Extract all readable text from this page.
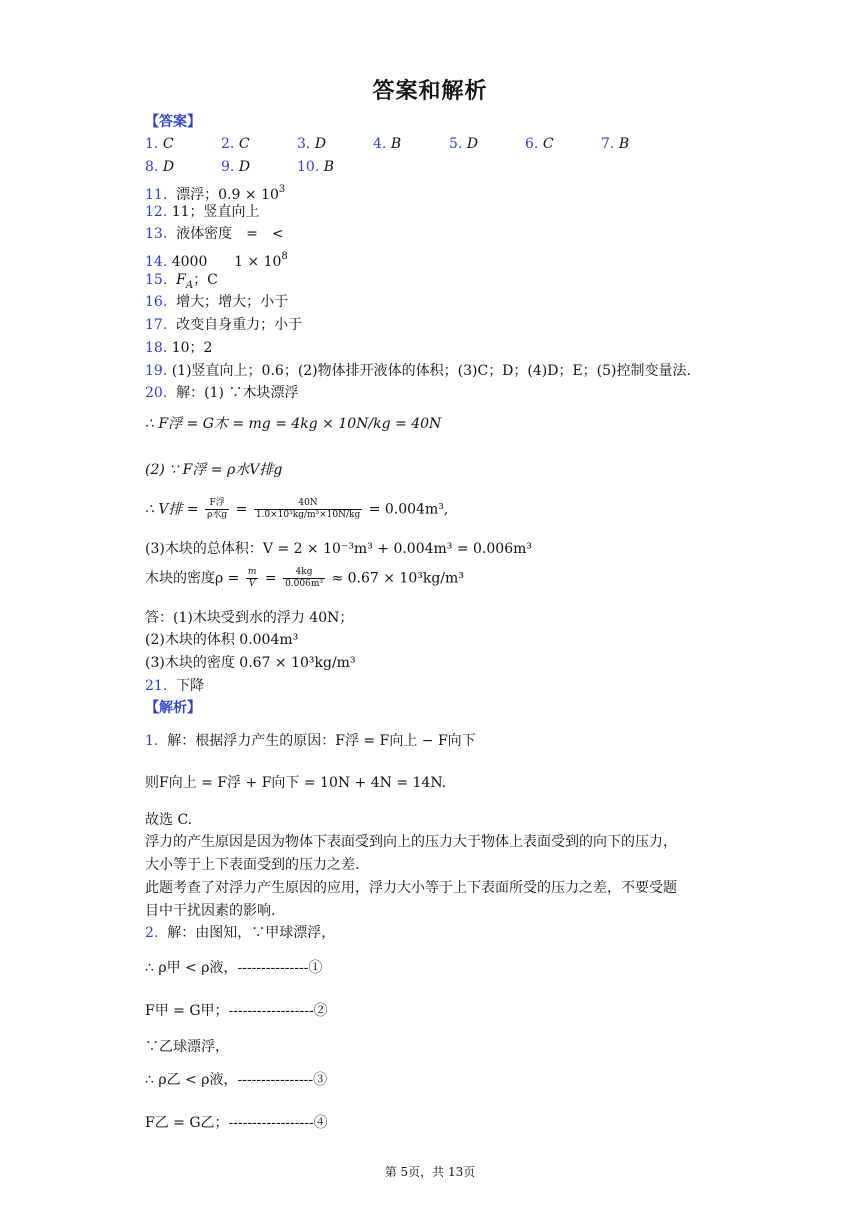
答案和解析
【答案】
1. C	2. C	3. D	4. B	5. D	6. C	7. B
8. D	9. D	10. B
11. 漂浮；$0.9 \times 10^3$
12. 11；竖直向上
13. 液体密度　=　<
14. 4000 $1 \times 10^8$
15. $F_A$；C
16. 增大；增大；小于
17. 改变自身重力；小于
18. 10；2
19. (1)竖直向上；0.6；(2)物体排开液体的体积；(3)C；D；(4)D；E；(5)控制变量法.
20. 解：(1) ∵木块漂浮
∴ F浮 = G木 = mg = 4kg × 10N/kg = 40N
(2) ∵ F浮 = ρ水V排g
∴ V排 = $\frac{\text{F浮}}{\text{ρ水g}} = \frac{40N}{\text{1.0×10³kg/m³×10N/kg}} = 0.004m^3$,
(3)木块的总体积：V = 2 × 10⁻³m³ + 0.004m³ = 0.006m³
木块的密度$\rho = \frac{m}{V} = \frac{4kg}{\text{0.006m³}} \approx 0.67 \times 10^3kg/m^3$
答：(1)木块受到水的浮力 40N；
(2)木块的体积 0.004m³
(3)木块的密度 0.67 × 10³kg/m³
21. 下降
【解析】
1. 解：根据浮力产生的原因：F浮 = F向上 − F向下
则F向上 = F浮 + F向下 = 10N + 4N = 14N.
故选 C.
浮力的产生原因是因为物体下表面受到向上的压力大于物体上表面受到的向下的压力，
大小等于上下表面受到的压力之差.
此题考查了对浮力产生原因的应用，浮力大小等于上下表面所受的压力之差，不要受题
目中干扰因素的影响.
2. 解：由图知，∵甲球漂浮，
∴ ρ甲 < ρ液，---------------①
F甲 = G甲；------------------②
∵乙球漂浮，
∴ ρ乙 < ρ液，----------------③
F乙 = G乙；------------------④
第 5页，共 13页
